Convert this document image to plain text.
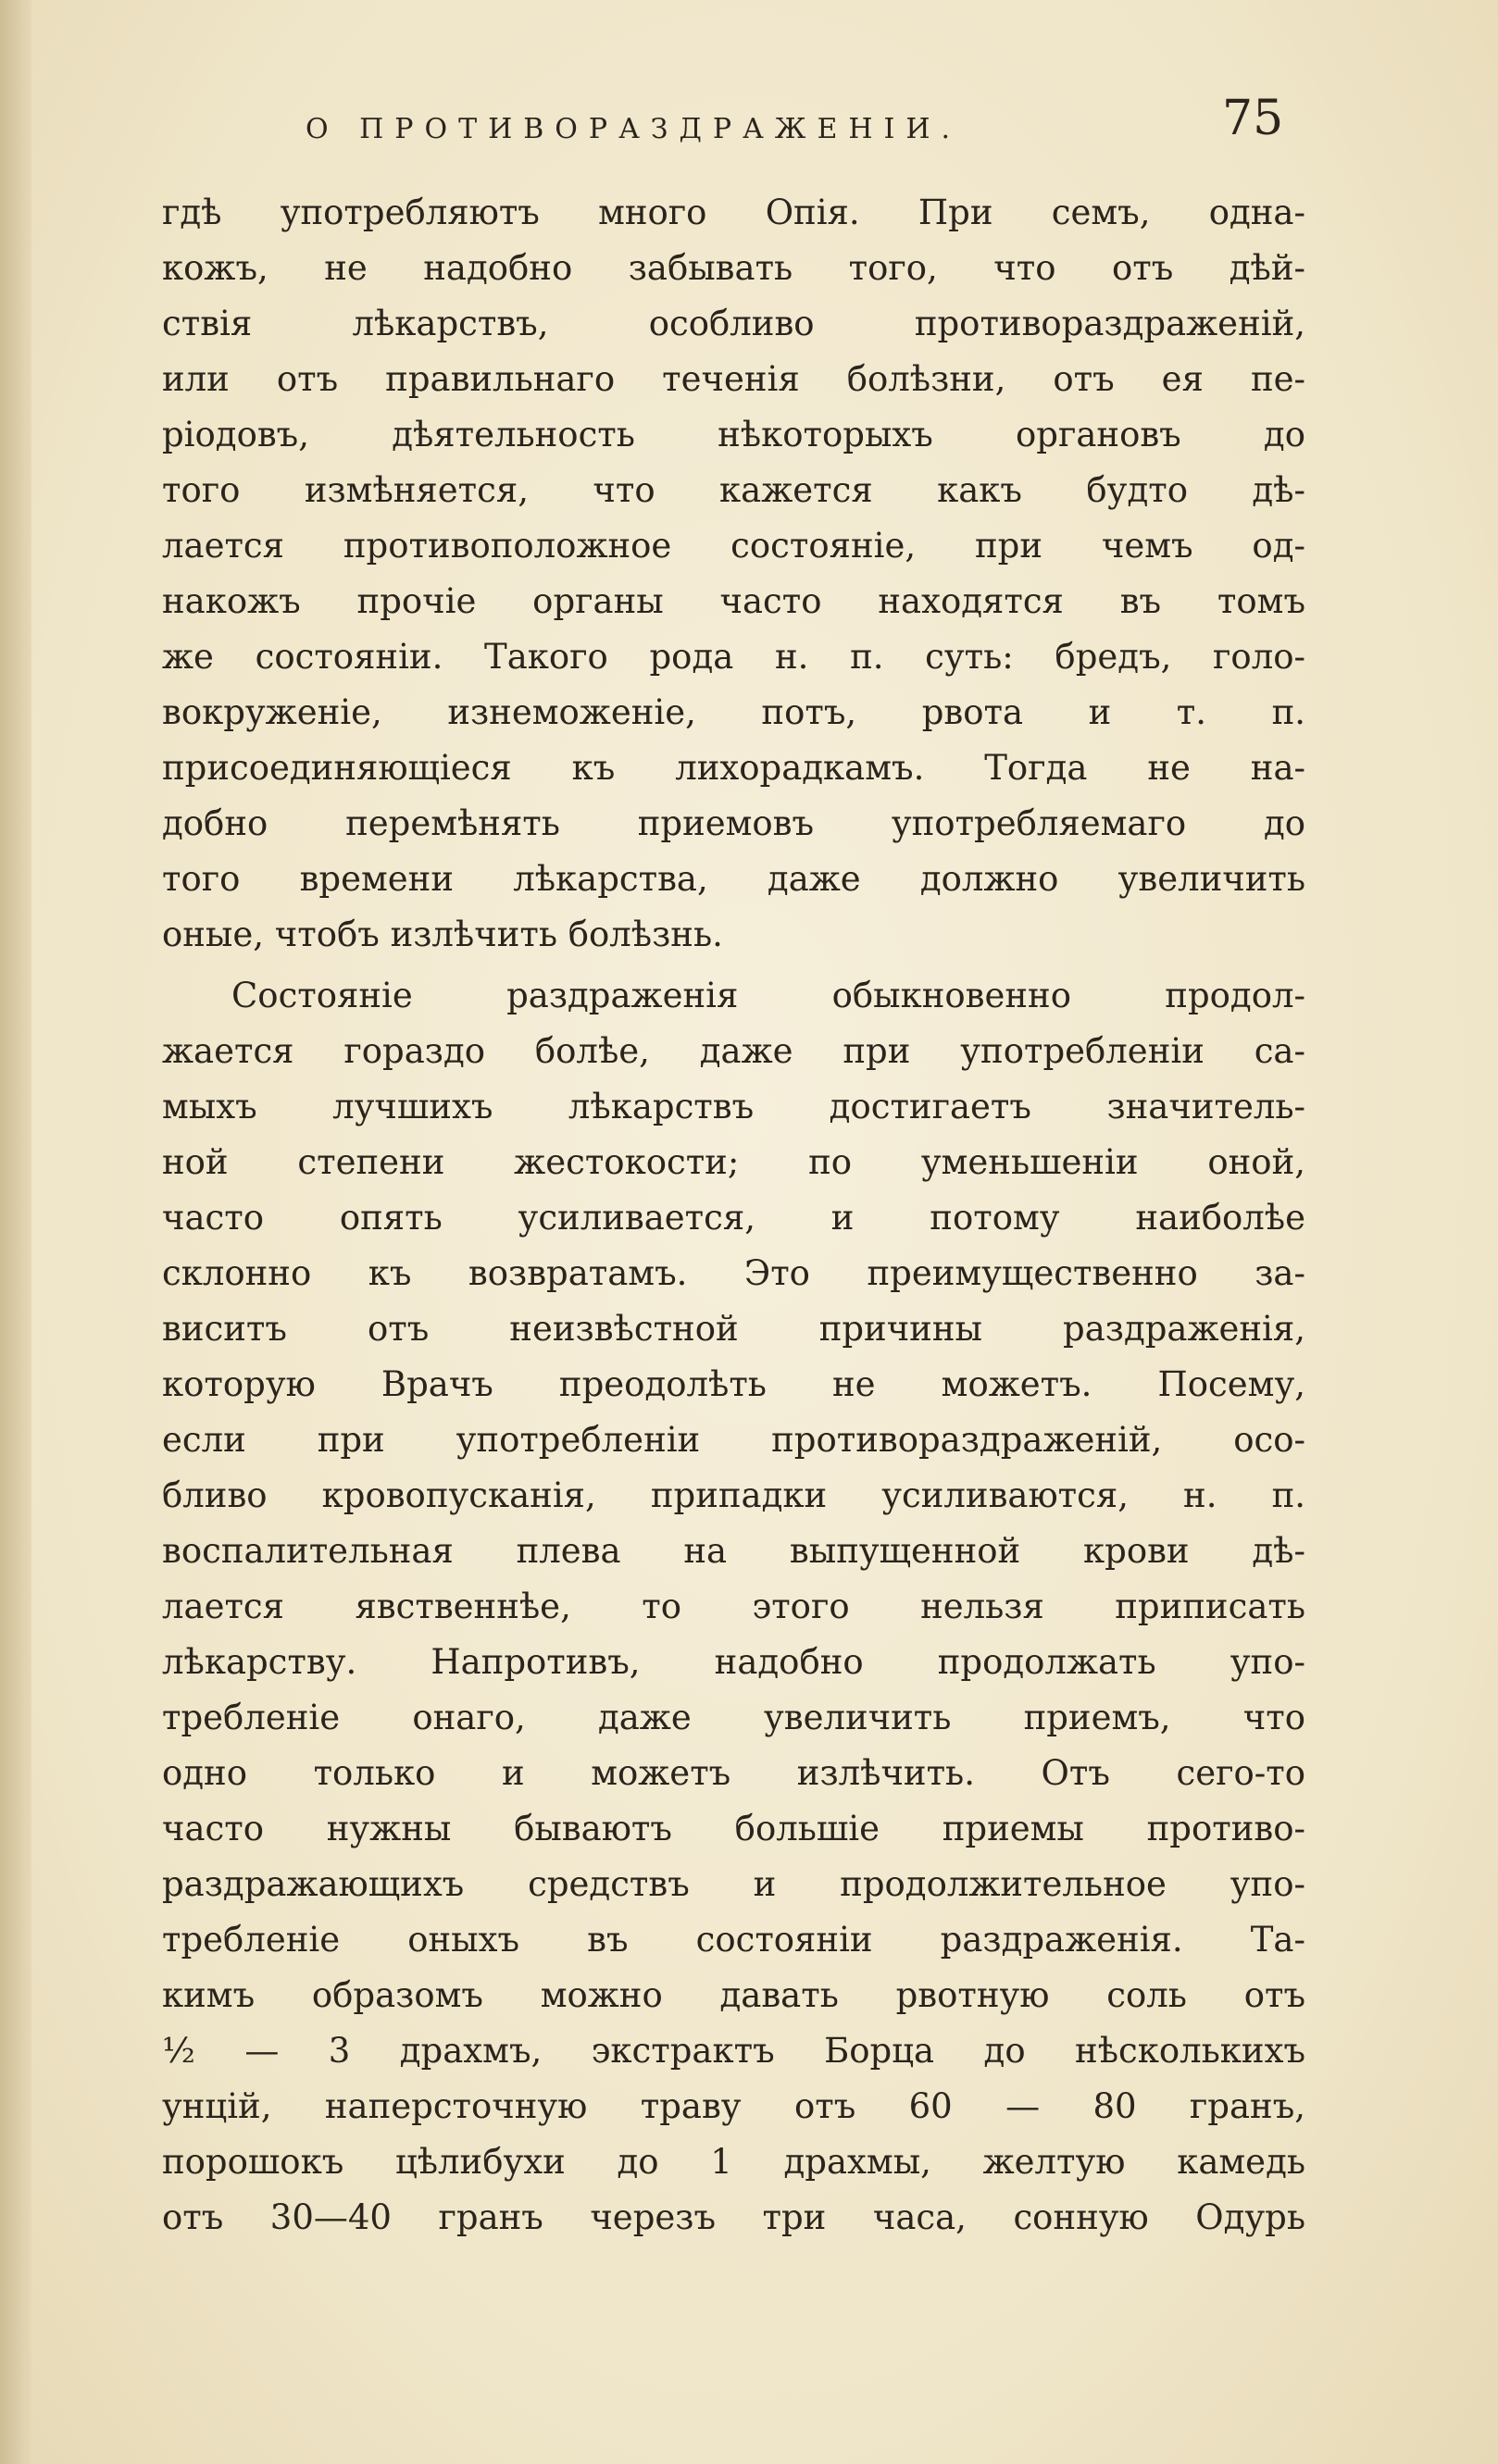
О ПРОТИВОРАЗДРАЖЕНІИ.	75
гдѣ употребляютъ много Опія. При семъ, однa-
кожъ, не надобно забывать того, что отъ дѣй-
ствія лѣкарствъ, особливо противораздраженій,
или отъ правильнаго теченія болѣзни, отъ ея пе-
ріодовъ, дѣятельность нѣкоторыхъ органовъ до
того измѣняется, что кажется какъ будто дѣ-
лается противоположное состояніе, при чемъ од-
накожъ прочіе органы часто находятся въ томъ
же состояніи. Такого рода н. п. суть: бредъ, голо-
вокруженіе, изнеможеніе, потъ, рвота и т. п.
присоединяющіеся къ лихорадкамъ. Тогда не на-
добно перемѣнять приемовъ употребляемаго до
того времени лѣкарства, даже должно увеличить
оные, чтобъ излѣчить болѣзнь.
Состояніе раздраженія обыкновенно продол-
жается гораздо болѣе, даже при употребленіи са-
мыхъ лучшихъ лѣкарствъ достигаетъ значитель-
ной степени жестокости; по уменьшеніи оной,
часто опять усиливается, и потому наиболѣе
склонно къ возвратамъ. Это преимущественно за-
виситъ отъ неизвѣстной причины раздраженія,
которую Врачъ преодолѣть не можетъ. Посему,
если при употребленіи противораздраженій, осо-
бливо кровопусканія, припадки усиливаются, н. п.
воспалительная плева на выпущенной крови дѣ-
лается явственнѣе, то этого нельзя приписать
лѣкарству. Напротивъ, надобно продолжать упо-
требленіе онаго, даже увеличить приемъ, что
одно только и можетъ излѣчить. Отъ сего-то
часто нужны бываютъ большіе приемы противо-
раздражающихъ средствъ и продолжительное упо-
требленіе оныхъ въ состояніи раздраженія. Та-
кимъ образомъ можно давать рвотную соль отъ
½ — 3 драхмъ, экстрактъ Борца до нѣсколькихъ
унцій, наперсточную траву отъ 60 — 80 гранъ,
порошокъ цѣлибухи до 1 драхмы, желтую камедь
отъ 30—40 гранъ черезъ три часа, сонную Одурь
